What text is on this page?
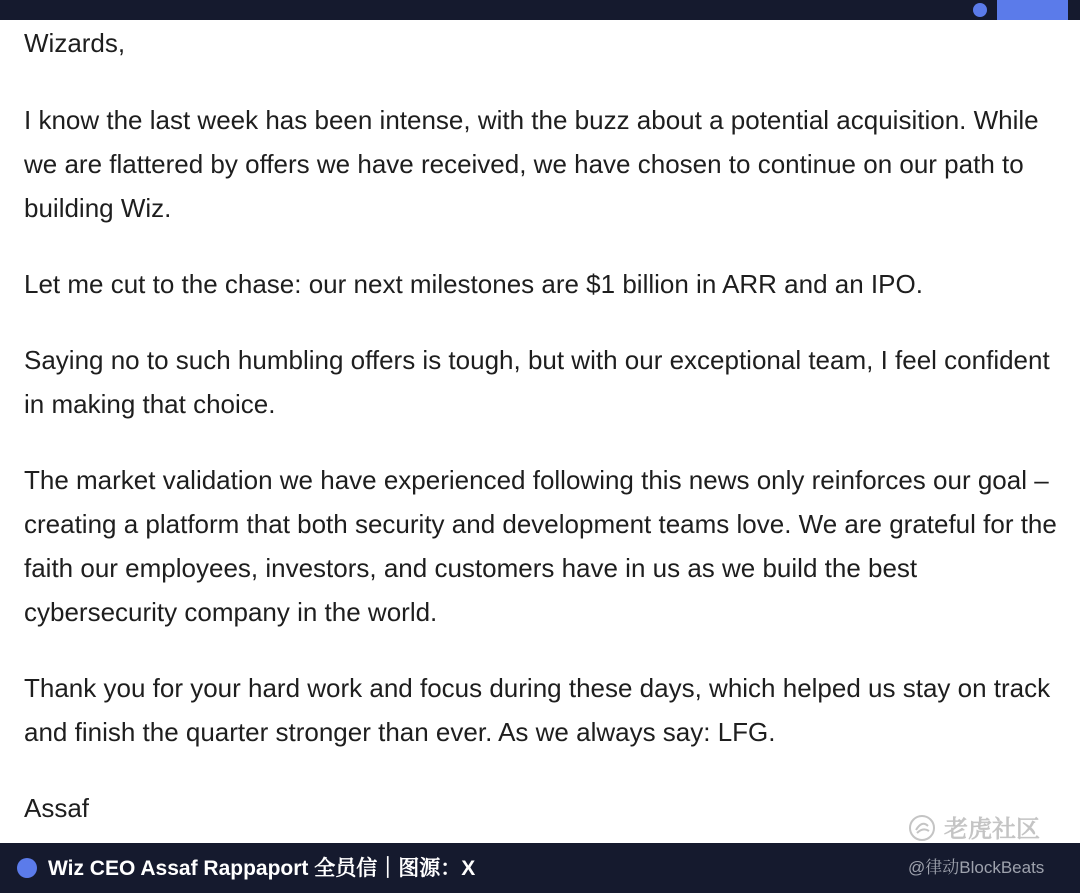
Wizards,

I know the last week has been intense, with the buzz about a potential acquisition. While we are flattered by offers we have received, we have chosen to continue on our path to building Wiz.

Let me cut to the chase: our next milestones are $1 billion in ARR and an IPO.

Saying no to such humbling offers is tough, but with our exceptional team, I feel confident in making that choice.

The market validation we have experienced following this news only reinforces our goal – creating a platform that both security and development teams love. We are grateful for the faith our employees, investors, and customers have in us as we build the best cybersecurity company in the world.

Thank you for your hard work and focus during these days, which helped us stay on track and finish the quarter stronger than ever. As we always say: LFG.

Assaf

老虎社区
Wiz CEO Assaf Rappaport 全员信｜图源：X	@律动BlockBeats
